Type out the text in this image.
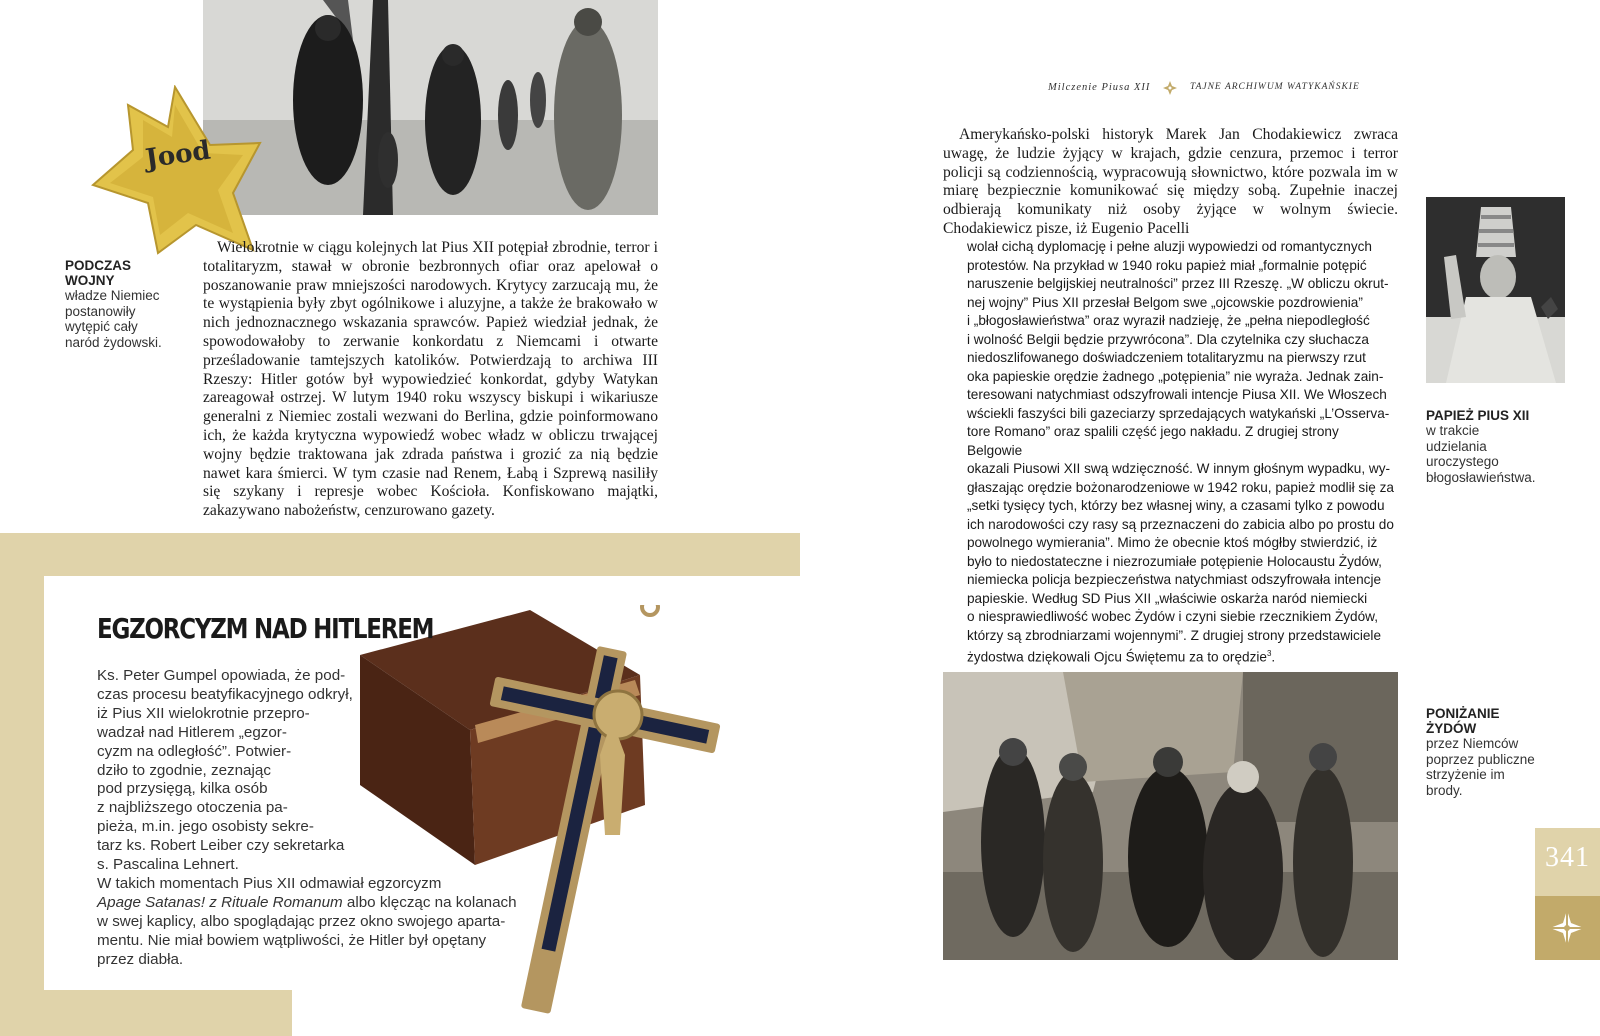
Jood
PODCZAS WOJNY
władze Niemiec postanowiły wytępić cały naród żydowski.

Wielokrotnie w ciągu kolejnych lat Pius XII potępiał zbrodnie, terror i totalitaryzm, stawał w obronie bezbronnych ofiar oraz apelował o poszanowanie praw mniejszości narodowych. Krytycy zarzucają mu, że te wystąpienia były zbyt ogólnikowe i aluzyjne, a także że brakowało w nich jednoznacznego wskazania sprawców. Papież wiedział jednak, że spowodowałoby to zerwanie konkordatu z Niemcami i otwarte prześladowanie tamtejszych katolików. Potwierdzają to archiwa III Rzeszy: Hitler gotów był wypowiedzieć konkordat, gdyby Watykan zareagował ostrzej. W lutym 1940 roku wszyscy biskupi i wikariusze generalni z Niemiec zostali wezwani do Berlina, gdzie poinformowano ich, że każda krytyczna wypowiedź wobec władz w obliczu trwającej wojny będzie traktowana jak zdrada państwa i grozić za nią będzie nawet kara śmierci. W tym czasie nad Renem, Łabą i Szprewą nasiliły się szykany i represje wobec Kościoła. Konfiskowano majątki, zakazywano nabożeństw, cenzurowano gazety.

EGZORCYZM NAD HITLEREM
Ks. Peter Gumpel opowiada, że pod-
czas procesu beatyfikacyjnego odkrył,
iż Pius XII wielokrotnie przepro-
wadzał nad Hitlerem „egzor-
cyzm na odległość”. Potwier-
dziło to zgodnie, zeznając
pod przysięgą, kilka osób
z najbliższego otoczenia pa-
pieża, m.in. jego osobisty sekre-
tarz ks. Robert Leiber czy sekretarka
s. Pascalina Lehnert.
W takich momentach Pius XII odmawiał egzorcyzm
Apage Satanas! z Rituale Romanum albo klęcząc na kolanach
w swej kaplicy, albo spoglądając przez okno swojego aparta-
mentu. Nie miał bowiem wątpliwości, że Hitler był opętany
przez diabła.
Milczenie Piusa XII	TAJNE ARCHIWUM WATYKAŃSKIE

Amerykańsko-polski historyk Marek Jan Chodakiewicz zwraca uwagę, że ludzie żyjący w krajach, gdzie cenzura, przemoc i terror policji są codziennością, wypracowują słownictwo, które pozwala im w miarę bezpiecznie komunikować się między sobą. Zupełnie inaczej odbierają komunikaty niż osoby żyjące w wolnym świecie. Chodakiewicz pisze, iż Eugenio Pacelli

wolał cichą dyplomację i pełne aluzji wypowiedzi od romantycznych
protestów. Na przykład w 1940 roku papież miał „formalnie potępić
naruszenie belgijskiej neutralności” przez III Rzeszę. „W obliczu okrut-
nej wojny” Pius XII przesłał Belgom swe „ojcowskie pozdrowienia”
i „błogosławieństwa” oraz wyraził nadzieję, że „pełna niepodległość
i wolność Belgii będzie przywrócona”. Dla czytelnika czy słuchacza
niedoszlifowanego doświadczeniem totalitaryzmu na pierwszy rzut
oka papieskie orędzie żadnego „potępienia” nie wyraża. Jednak zain-
teresowani natychmiast odszyfrowali intencje Piusa XII. We Włoszech
wściekli faszyści bili gazeciarzy sprzedających watykański „L’Osserva-
tore Romano” oraz spalili część jego nakładu. Z drugiej strony Belgowie
okazali Piusowi XII swą wdzięczność. W innym głośnym wypadku, wy-
głaszając orędzie bożonarodzeniowe w 1942 roku, papież modlił się za
„setki tysięcy tych, którzy bez własnej winy, a czasami tylko z powodu
ich narodowości czy rasy są przeznaczeni do zabicia albo po prostu do
powolnego wymierania”. Mimo że obecnie ktoś mógłby stwierdzić, iż
było to niedostateczne i niezrozumiałe potępienie Holocaustu Żydów,
niemiecka policja bezpieczeństwa natychmiast odszyfrowała intencje
papieskie. Według SD Pius XII „właściwie oskarża naród niemiecki
o niesprawiedliwość wobec Żydów i czyni siebie rzecznikiem Żydów,
którzy są zbrodniarzami wojennymi”. Z drugiej strony przedstawiciele
żydostwa dziękowali Ojcu Świętemu za to orędzie$^3$.
PAPIEŻ PIUS XII
w trakcie udzielania uroczystego błogosławieństwa.
PONIŻANIE ŻYDÓW
przez Niemców poprzez publiczne strzyżenie im brody.
341
